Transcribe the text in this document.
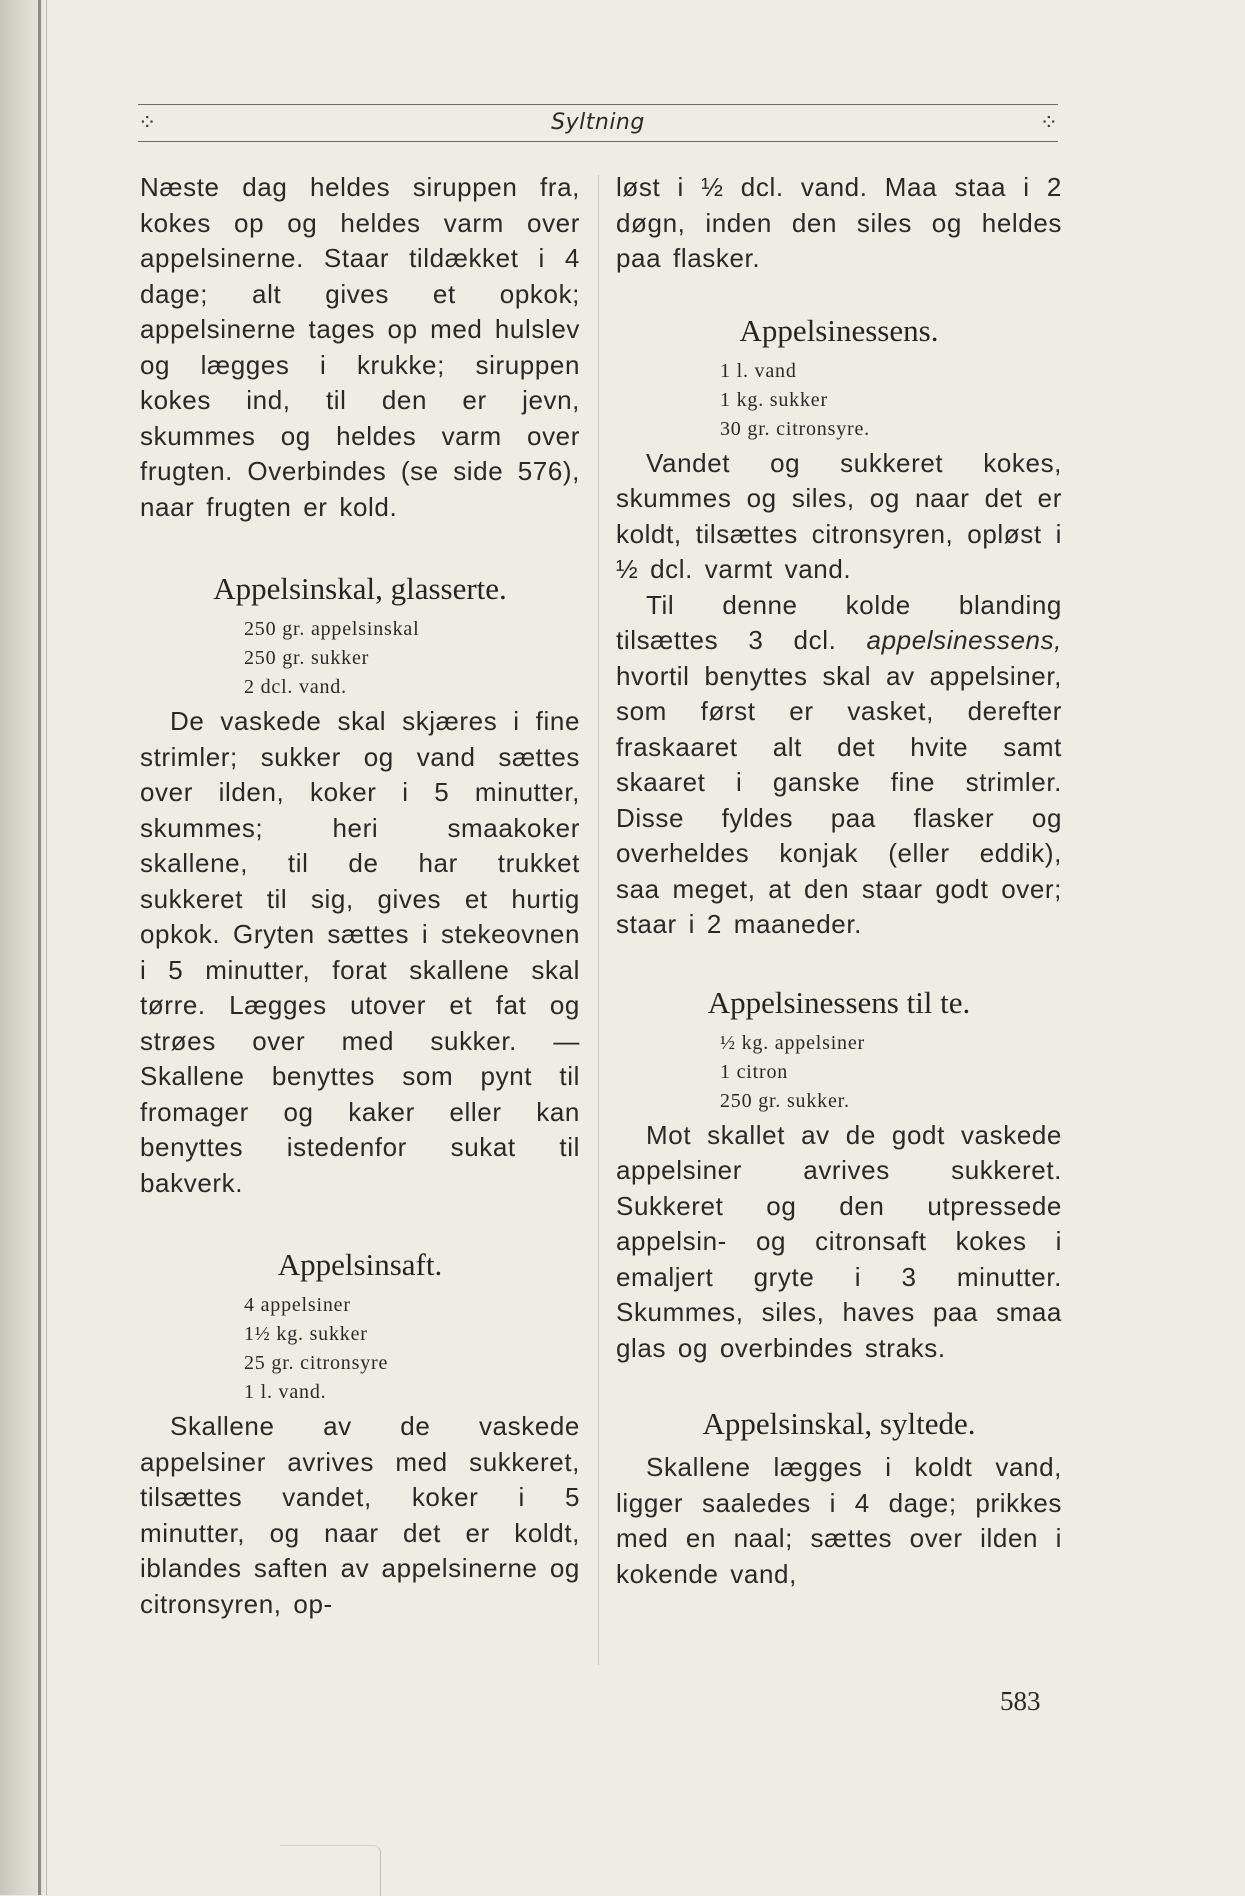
⁘	Syltning	⁘

Næste dag heldes siruppen fra, kokes op og heldes varm over appelsinerne. Staar tildækket i 4 dage; alt gives et opkok; appelsinerne tages op med hulslev og lægges i krukke; siruppen kokes ind, til den er jevn, skummes og heldes varm over frugten. Overbindes (se side 576), naar frugten er kold.

Appelsinskal, glasserte.
250 gr. appelsinskal
250 gr. sukker
2 dcl. vand.

De vaskede skal skjæres i fine strimler; sukker og vand sættes over ilden, koker i 5 minutter, skummes; heri smaakoker skallene, til de har trukket sukkeret til sig, gives et hurtig opkok. Gryten sættes i stekeovnen i 5 minutter, forat skallene skal tørre. Lægges utover et fat og strøes over med sukker. — Skallene benyttes som pynt til fromager og kaker eller kan benyttes istedenfor sukat til bakverk.

Appelsinsaft.
4 appelsiner
1½ kg. sukker
25 gr. citronsyre
1 l. vand.

Skallene av de vaskede appelsiner avrives med sukkeret, tilsættes vandet, koker i 5 minutter, og naar det er koldt, iblandes saften av appelsinerne og citronsyren, op-

løst i ½ dcl. vand. Maa staa i 2 døgn, inden den siles og heldes paa flasker.

Appelsinessens.
1 l. vand
1 kg. sukker
30 gr. citronsyre.

Vandet og sukkeret kokes, skummes og siles, og naar det er koldt, tilsættes citronsyren, opløst i ½ dcl. varmt vand.

Til denne kolde blanding tilsættes 3 dcl. appelsinessens, hvortil benyttes skal av appelsiner, som først er vasket, derefter fraskaaret alt det hvite samt skaaret i ganske fine strimler. Disse fyldes paa flasker og overheldes konjak (eller eddik), saa meget, at den staar godt over; staar i 2 maaneder.

Appelsinessens til te.
½ kg. appelsiner
1 citron
250 gr. sukker.

Mot skallet av de godt vaskede appelsiner avrives sukkeret. Sukkeret og den utpressede appelsin- og citronsaft kokes i emaljert gryte i 3 minutter. Skummes, siles, haves paa smaa glas og overbindes straks.

Appelsinskal, syltede.

Skallene lægges i koldt vand, ligger saaledes i 4 dage; prikkes med en naal; sættes over ilden i kokende vand,

583
